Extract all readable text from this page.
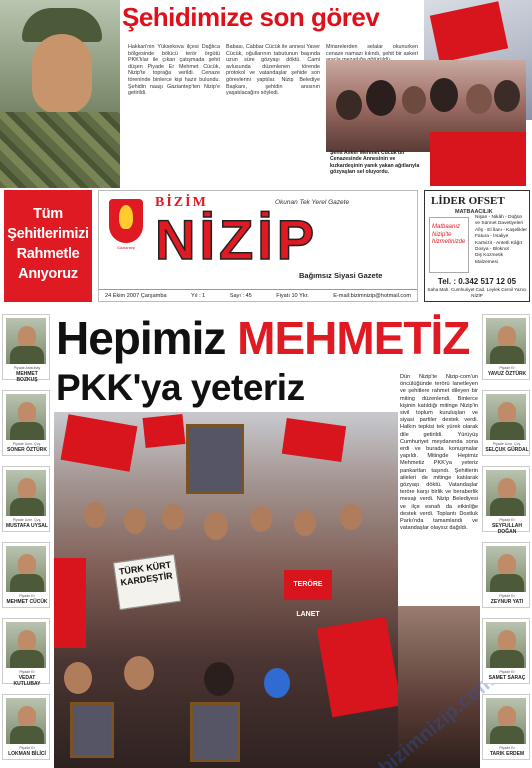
Şehidimize son görev
Hakkari'nin Yüksekova ilçesi Dağlıca bölgesinde bölücü terör örgütü PKK'lılar ile çıkan çatışmada şehit düşen Piyade Er Mehmet Cücük, Nizip'te toprağa verildi. Cenaze töreninde binlerce kişi hazır bulundu. Şehidin naaşı Gaziantep'ten Nizip'e getirildi.
Babası, Cabbar Cücük ile annesi Yaver Cücük, oğullarının tabutunun başında uzun süre gözyaşı döktü. Cami avlusunda düzenlenen törende protokol ve vatandaşlar şehide son görevlerini yaptılar. Nizip Belediye Başkanı, şehidin anısının yaşatılacağını söyledi.
Minarelerden selalar okunurken cenaze namazı kılındı, şehit bir askeri
Şehit Asker Mehmet Cücük'ün Cenazesinde Annesinin ve kızkardeşinin yanık yakan ağıtlarıyla gözyaşları sel oluyordu.
Tüm
Şehitlerimizi
Rahmetle
Anıyoruz
Gaziantep
BİZİM	Okunan Tek Yerel Gazete
NİZİP
Bağımsız Siyasi Gazete
24 Ekim 2007 Çarşamba	Yıl : 1	Sayı : 45	Fiyatı 10 Ykr.	E-mail:bizimnizip@hotmail.com
LİDER OFSET
MATBAACILIK
Matbaanız Nizip'te hizmetinizde
Nişan - Nikâh - Düğün
ve Sünnet Davetiyeleri
Afiş - El İlanı - Kaşelikler
Fatura - İrsaliye
Kartvizit - Antetli Kâğıt
Dosya - Bloknot
Diş Kozmetik Malzemesi
Tel. : 0.342 517 12 05
Saha Mah. Cumhuriyet Cad. Leylek Cemil Yazıcı NİZİP
Piyade Astsubay
MEHMET BOZKUŞ
Piyade Uzm. Çvş.
SONER ÖZTÜRK
Piyade Uzm. Çvş.
MUSTAFA UYSAL
Piyade Er
MEHMET CÜCÜK
Piyade Er
VEDAT KUTLUBAY
Piyade Er
LOKMAN BİLİCİ
Hepimiz MEHMETİZ
PKK'ya yeteriz	Dün Nizip'te Nizip-com'un öncülüğünde terörü lanetleyen ve şehitlere rahmet dileyen bir miting düzenlendi. Binlerce kişinin katıldığı mitinge Nizip'in sivil toplum kuruluşları ve siyasi partiler destek verdi. Halkın tepkisi tek yürek olarak dile getirildi. Yürüyüş Cumhuriyet meydanında sona erdi ve burada konuşmalar yapıldı. Mitingde Hepimiz Mehmetiz PKK'ya yeteriz pankartları taşındı. Şehitlerin aileleri de mitinge katılarak gözyaşı döktü. Vatandaşlar teröre karşı birlik ve beraberlik mesajı verdi. Nizip Belediyesi ve ilçe esnafı da etkinliğe destek verdi. Toplantı Dostluk Parkı'nda tamamlandı ve vatandaşlar olaysız dağıldı.
TÜRK KÜRT KARDEŞTİR	TERÖRE LANET
Piyade Er
YAVUZ ÖZTÜRK
Piyade Uzm. Çvş.
SELÇUK GÜRDAL
Piyade Er
SEYFULLAH DOĞAN
Piyade Er
ZEYNUR YATI
Piyade Er
SAMET SARAÇ
Piyade Er
TARIK ERDEM
